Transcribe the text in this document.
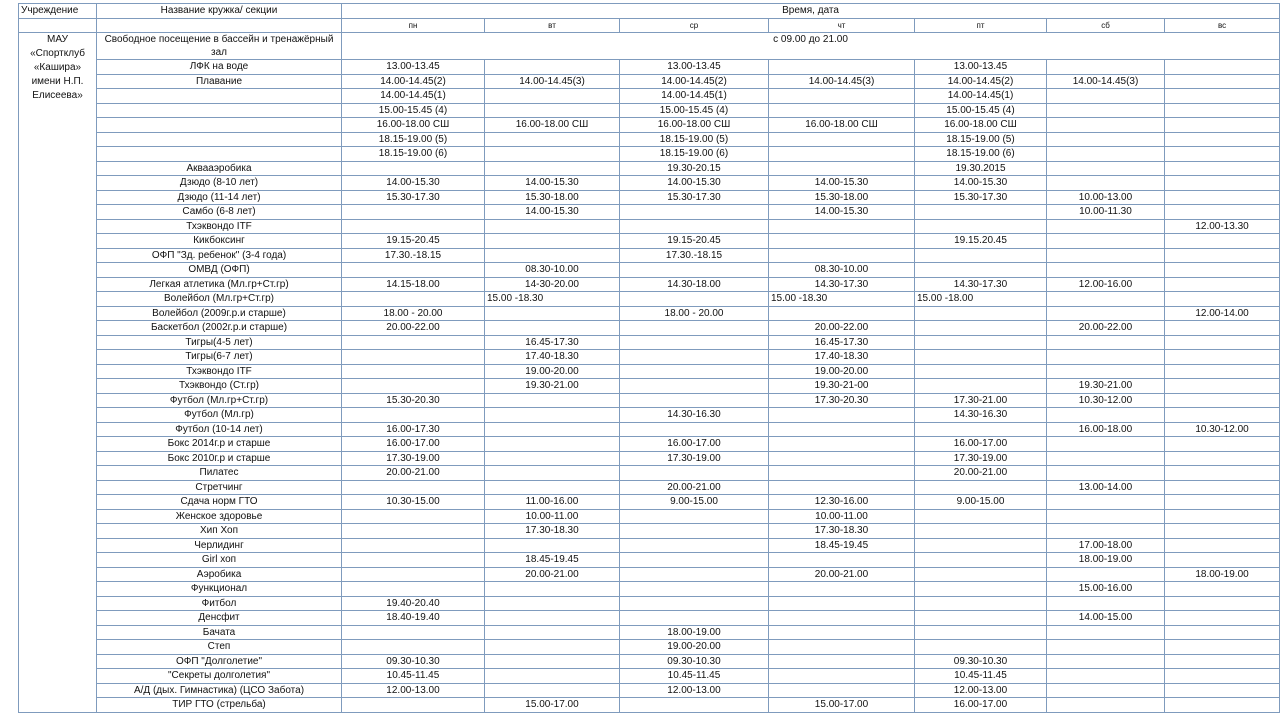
Учреждение	Название кружка/ секции	Время, дата						
		пн	вт	ср	чт	пт	сб	вс
МАУ «Спортклуб «Кашира» имени Н.П. Елисеева»	Свободное посещение в бассейн и тренажёрный зал	с 09.00 до 21.00						
	ЛФК на воде	13.00-13.45		13.00-13.45		13.00-13.45		
	Плавание	14.00-14.45(2)	14.00-14.45(3)	14.00-14.45(2)	14.00-14.45(3)	14.00-14.45(2)	14.00-14.45(3)	
		14.00-14.45(1)		14.00-14.45(1)		14.00-14.45(1)		
		15.00-15.45 (4)		15.00-15.45 (4)		15.00-15.45 (4)		
		16.00-18.00 СШ	16.00-18.00 СШ	16.00-18.00 СШ	16.00-18.00 СШ	16.00-18.00 СШ		
		18.15-19.00 (5)		18.15-19.00 (5)		18.15-19.00 (5)		
		18.15-19.00 (6)		18.15-19.00 (6)		18.15-19.00 (6)		
	Аквааэробика			19.30-20.15		19.30.2015		
	Дзюдо (8-10 лет)	14.00-15.30	14.00-15.30	14.00-15.30	14.00-15.30	14.00-15.30		
	Дзюдо (11-14 лет)	15.30-17.30	15.30-18.00	15.30-17.30	15.30-18.00	15.30-17.30	10.00-13.00	
	Самбо (6-8 лет)		14.00-15.30		14.00-15.30		10.00-11.30	
	Тхэквондо ITF							12.00-13.30
	Кикбоксинг	19.15-20.45		19.15-20.45		19.15.20.45		
	ОФП "Зд. ребенок" (3-4 года)	17.30.-18.15		17.30.-18.15				
	ОМВД (ОФП)		08.30-10.00		08.30-10.00			
	Легкая атлетика (Мл.гр+Ст.гр)	14.15-18.00	14-30-20.00	14.30-18.00	14.30-17.30	14.30-17.30	12.00-16.00	
	Волейбол (Мл.гр+Ст.гр)		15.00 -18.30		15.00 -18.30	15.00 -18.00		
	Волейбол (2009г.р.и старше)	18.00 - 20.00		18.00 - 20.00				12.00-14.00
	Баскетбол (2002г.р.и старше)	20.00-22.00			20.00-22.00		20.00-22.00	
	Тигры(4-5 лет)		16.45-17.30		16.45-17.30			
	Тигры(6-7 лет)		17.40-18.30		17.40-18.30			
	Тхэквондо ITF		19.00-20.00		19.00-20.00			
	Тхэквондо (Ст.гр)		19.30-21.00		19.30-21-00		19.30-21.00	
	Футбол (Мл.гр+Ст.гр)	15.30-20.30			17.30-20.30	17.30-21.00	10.30-12.00	
	Футбол (Мл.гр)			14.30-16.30		14.30-16.30		
	Футбол (10-14 лет)	16.00-17.30					16.00-18.00	10.30-12.00
	Бокс 2014г.р и старше	16.00-17.00		16.00-17.00		16.00-17.00		
	Бокс 2010г.р и старше	17.30-19.00		17.30-19.00		17.30-19.00		
	Пилатес	20.00-21.00				20.00-21.00		
	Стретчинг			20.00-21.00			13.00-14.00	
	Сдача норм ГТО	10.30-15.00	11.00-16.00	9.00-15.00	12.30-16.00	9.00-15.00		
	Женское здоровье		10.00-11.00		10.00-11.00			
	Хип Хоп		17.30-18.30		17.30-18.30			
	Черлидинг				18.45-19.45		17.00-18.00	
	Girl хоп		18.45-19.45				18.00-19.00	
	Аэробика		20.00-21.00		20.00-21.00			18.00-19.00
	Функционал						15.00-16.00	
	Фитбол	19.40-20.40						
	Денсфит	18.40-19.40					14.00-15.00	
	Бачата			18.00-19.00				
	Степ			19.00-20.00				
	ОФП "Долголетие"	09.30-10.30		09.30-10.30		09.30-10.30		
	"Секреты долголетия"	10.45-11.45		10.45-11.45		10.45-11.45		
	А/Д (дых. Гимнастика) (ЦСО Забота)	12.00-13.00		12.00-13.00		12.00-13.00		
	ТИР ГТО (стрельба)		15.00-17.00		15.00-17.00	16.00-17.00		
